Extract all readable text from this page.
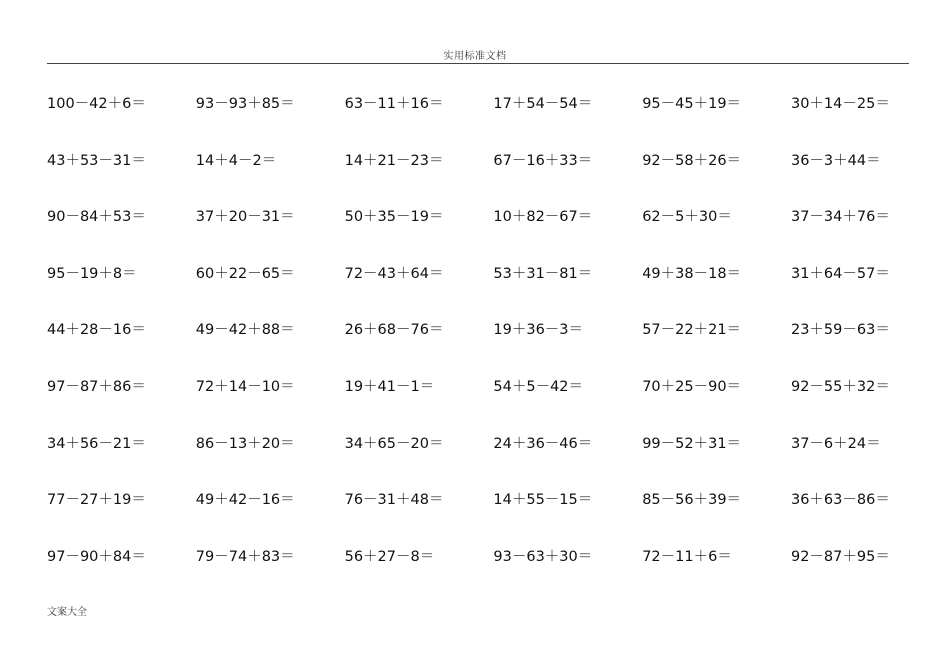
实用标准文档
100－42＋6＝	93－93＋85＝	63－11＋16＝	17＋54－54＝	95－45＋19＝	30＋14－25＝
43＋53－31＝	14＋4－2＝	14＋21－23＝	67－16＋33＝	92－58＋26＝	36－3＋44＝
90－84＋53＝	37＋20－31＝	50＋35－19＝	10＋82－67＝	62－5＋30＝	37－34＋76＝
95－19＋8＝	60＋22－65＝	72－43＋64＝	53＋31－81＝	49＋38－18＝	31＋64－57＝
44＋28－16＝	49－42＋88＝	26＋68－76＝	19＋36－3＝	57－22＋21＝	23＋59－63＝
97－87＋86＝	72＋14－10＝	19＋41－1＝	54＋5－42＝	70＋25－90＝	92－55＋32＝
34＋56－21＝	86－13＋20＝	34＋65－20＝	24＋36－46＝	99－52＋31＝	37－6＋24＝
77－27＋19＝	49＋42－16＝	76－31＋48＝	14＋55－15＝	85－56＋39＝	36＋63－86＝
97－90＋84＝	79－74＋83＝	56＋27－8＝	93－63＋30＝	72－11＋6＝	92－87＋95＝
文案大全
